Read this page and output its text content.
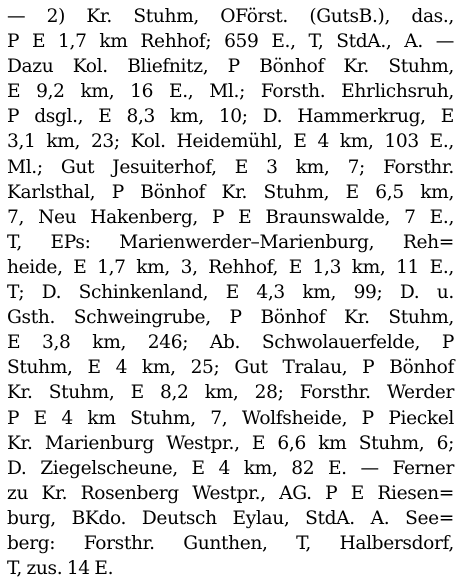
— 2) Kr. Stuhm, OFörst. (GutsB.), das.,
P E 1,7 km Rehhof; 659 E., T, StdA., A. —
Dazu Kol. Bliefnitz, P Bönhof Kr. Stuhm,
E 9,2 km, 16 E., Ml.; Forsth. Ehrlichsruh,
P dsgl., E 8,3 km, 10; D. Hammerkrug, E
3,1 km, 23; Kol. Heidemühl, E 4 km, 103 E.,
Ml.; Gut Jesuiterhof, E 3 km, 7; Forsthr.
Karlsthal, P Bönhof Kr. Stuhm, E 6,5 km,
7, Neu Hakenberg, P E Braunswalde, 7 E.,
T, EPs: Marienwerder–Marienburg, Reh=
heide, E 1,7 km, 3, Rehhof, E 1,3 km, 11 E.,
T; D. Schinkenland, E 4,3 km, 99; D. u.
Gsth. Schweingrube, P Bönhof Kr. Stuhm,
E 3,8 km, 246; Ab. Schwolauerfelde, P
Stuhm, E 4 km, 25; Gut Tralau, P Bönhof
Kr. Stuhm, E 8,2 km, 28; Forsthr. Werder
P E 4 km Stuhm, 7, Wolfsheide, P Pieckel
Kr. Marienburg Westpr., E 6,6 km Stuhm, 6;
D. Ziegelscheune, E 4 km, 82 E. — Ferner
zu Kr. Rosenberg Westpr., AG. P E Riesen=
burg, BKdo. Deutsch Eylau, StdA. A. See=
berg: Forsthr. Gunthen, T, Halbersdorf,
T, zus. 14 E.
